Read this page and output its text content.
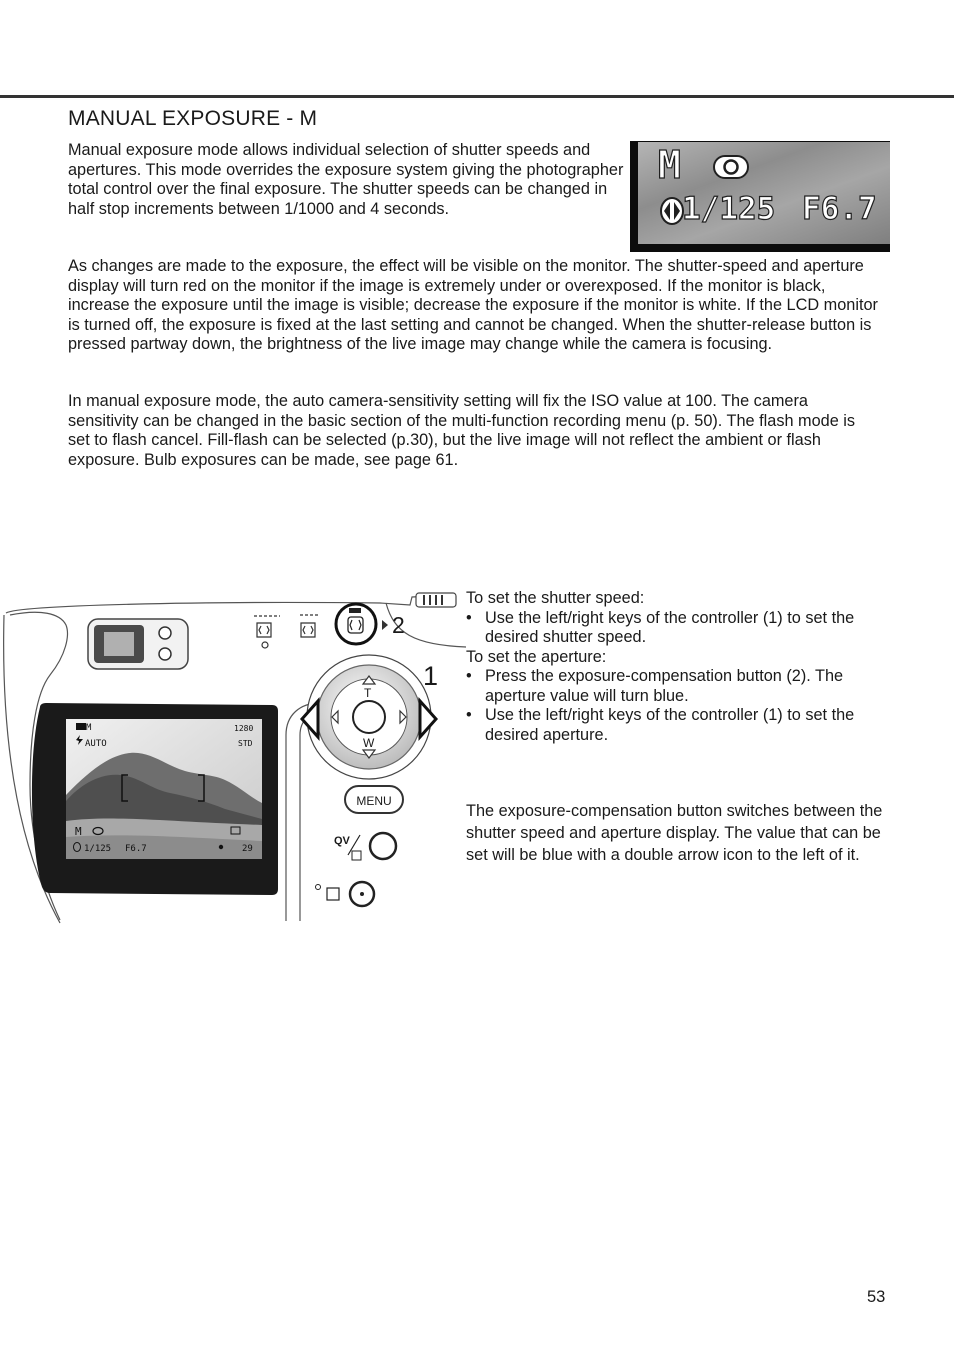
MANUAL EXPOSURE - M

Manual exposure mode allows individual selection of shutter speeds and apertures. This mode overrides the exposure system giving the photographer total control over the final exposure. The shutter speeds can be changed in half stop increments between 1/1000 and 4 seconds.

M
1/125 F6.7

As changes are made to the exposure, the effect will be visible on the monitor. The shutter-speed and aperture display will turn red on the monitor if the image is extremely under or overexposed. If the monitor is black, increase the exposure until the image is visible; decrease the exposure if the monitor is white. If the LCD monitor is turned off, the exposure is fixed at the last setting and cannot be changed. When the shutter-release button is pressed partway down, the brightness of the live image may change while the camera is focusing.

In manual exposure mode, the auto camera-sensitivity setting will fix the ISO value at 100. The camera sensitivity can be changed in the basic section of the multi-function recording menu (p. 50). The flash mode is set to flash cancel. Fill-flash can be selected (p.30), but the live image will not reflect the ambient or flash exposure. Bulb exposures can be made, see page 61.

2
T
W
1
MENU
QV
M
AUTO
1280
STD
M
1/125 F6.7	29

To set the shutter speed:

• Use the left/right keys of the controller (1) to set the desired shutter speed.

To set the aperture:

• Press the exposure-compensation button (2). The aperture value will turn blue.
• Use the left/right keys of the controller (1) to set the desired aperture.

The exposure-compensation button switches between the shutter speed and aperture display. The value that can be set will be blue with a double arrow icon to the left of it.

53
